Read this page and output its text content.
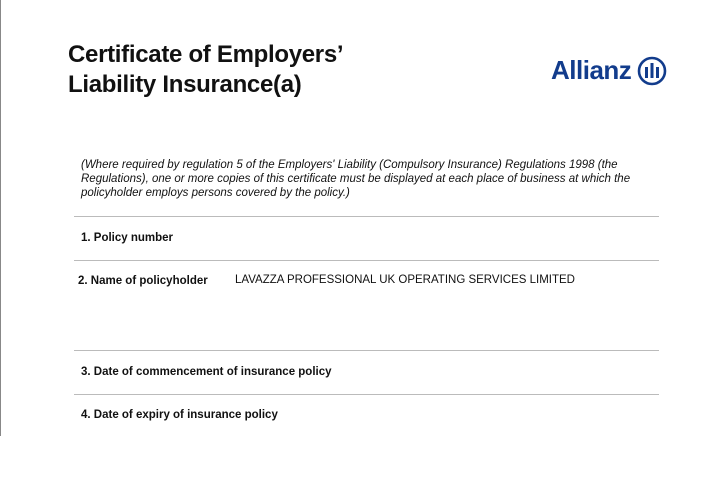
Certificate of Employers’
Liability Insurance(a)	Allianz
(Where required by regulation 5 of the Employers' Liability (Compulsory Insurance) Regulations 1998 (the Regulations), one or more copies of this certificate must be displayed at each place of business at which the policyholder employs persons covered by the policy.)
1. Policy number
2. Name of policyholder LAVAZZA PROFESSIONAL UK OPERATING SERVICES LIMITED
3. Date of commencement of insurance policy
4. Date of expiry of insurance policy
